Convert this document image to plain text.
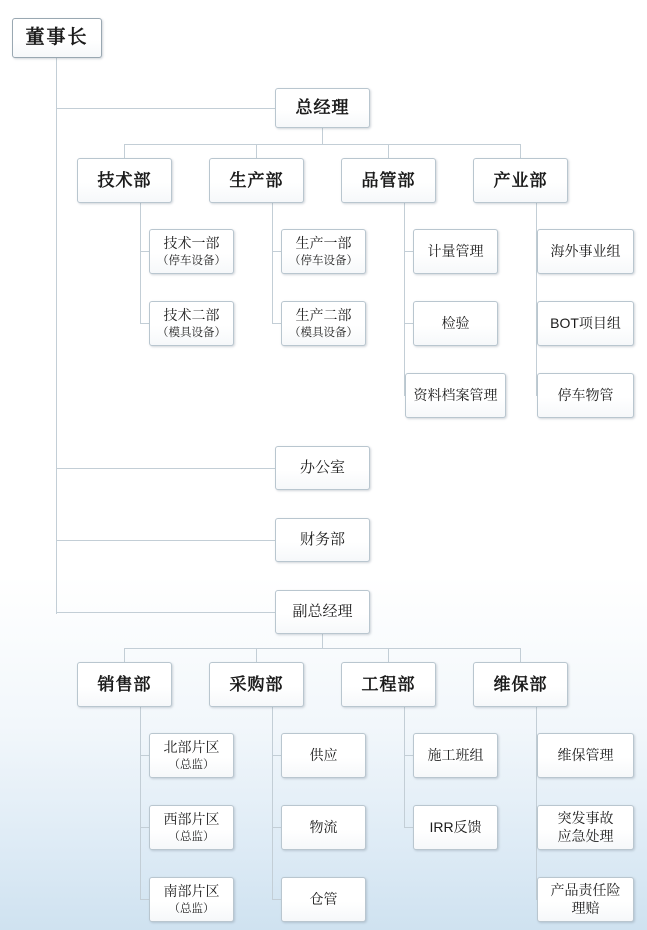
董事长
总经理
技术部	生产部	品管部	产业部
技术一部
（停车设备）
技术二部
（模具设备）
生产一部
（停车设备）
生产二部
（模具设备）
计量管理
检验
资料档案管理
海外事业组
BOT项目组
停车物管
办公室
财务部
副总经理
销售部	采购部	工程部	维保部
北部片区
（总监）
西部片区
（总监）
南部片区
（总监）
供应
物流
仓管
施工班组
IRR反馈
维保管理
突发事故
应急处理
产品责任险
理赔
